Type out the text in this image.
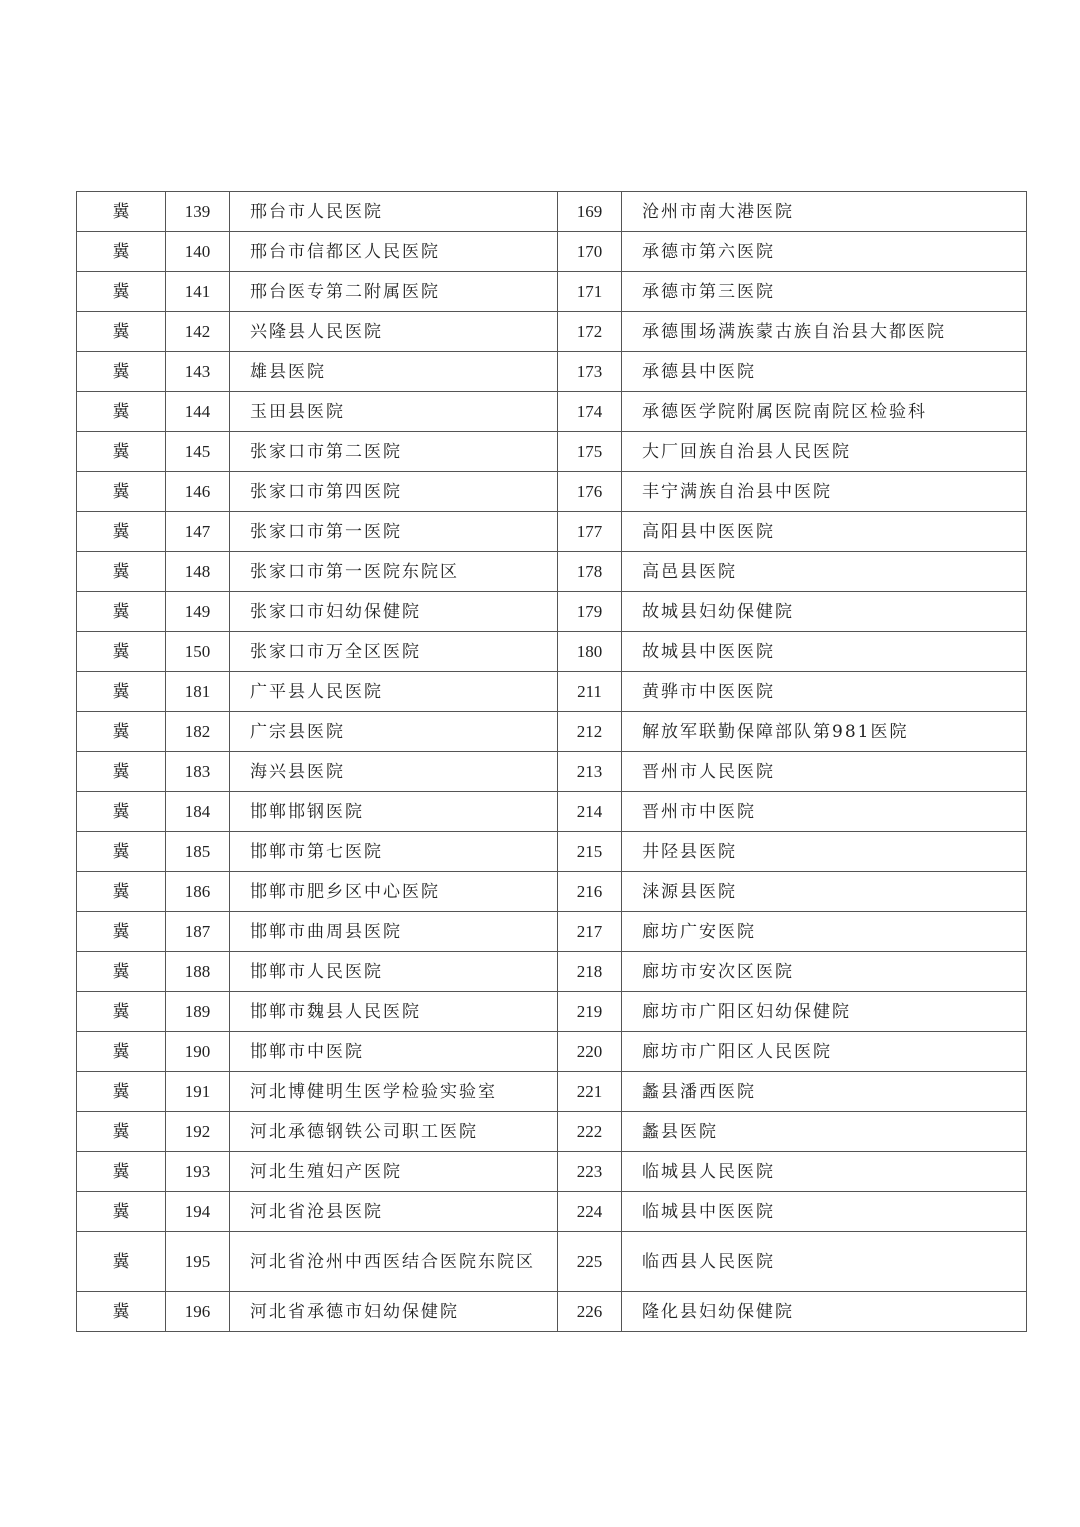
冀	139	邢台市人民医院	169	沧州市南大港医院
冀	140	邢台市信都区人民医院	170	承德市第六医院
冀	141	邢台医专第二附属医院	171	承德市第三医院
冀	142	兴隆县人民医院	172	承德围场满族蒙古族自治县大都医院
冀	143	雄县医院	173	承德县中医院
冀	144	玉田县医院	174	承德医学院附属医院南院区检验科
冀	145	张家口市第二医院	175	大厂回族自治县人民医院
冀	146	张家口市第四医院	176	丰宁满族自治县中医院
冀	147	张家口市第一医院	177	高阳县中医医院
冀	148	张家口市第一医院东院区	178	高邑县医院
冀	149	张家口市妇幼保健院	179	故城县妇幼保健院
冀	150	张家口市万全区医院	180	故城县中医医院
冀	181	广平县人民医院	211	黄骅市中医医院
冀	182	广宗县医院	212	解放军联勤保障部队第981医院
冀	183	海兴县医院	213	晋州市人民医院
冀	184	邯郸邯钢医院	214	晋州市中医院
冀	185	邯郸市第七医院	215	井陉县医院
冀	186	邯郸市肥乡区中心医院	216	涞源县医院
冀	187	邯郸市曲周县医院	217	廊坊广安医院
冀	188	邯郸市人民医院	218	廊坊市安次区医院
冀	189	邯郸市魏县人民医院	219	廊坊市广阳区妇幼保健院
冀	190	邯郸市中医院	220	廊坊市广阳区人民医院
冀	191	河北博健明生医学检验实验室	221	蠡县潘西医院
冀	192	河北承德钢铁公司职工医院	222	蠡县医院
冀	193	河北生殖妇产医院	223	临城县人民医院
冀	194	河北省沧县医院	224	临城县中医医院
冀	195	河北省沧州中西医结合医院东院区	225	临西县人民医院
冀	196	河北省承德市妇幼保健院	226	隆化县妇幼保健院
